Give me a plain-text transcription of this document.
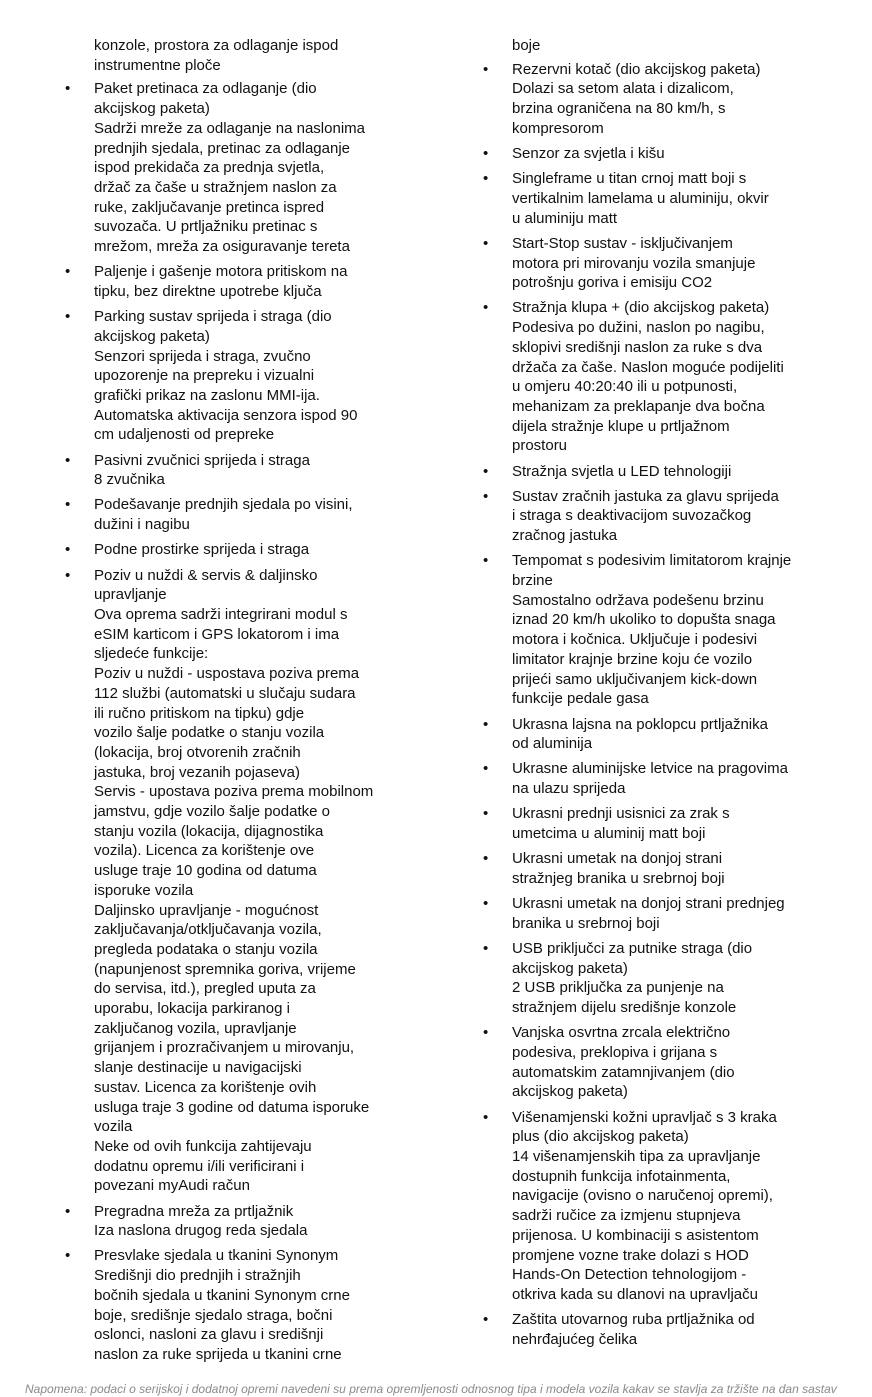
konzole, prostora za odlaganje ispod
instrumentne ploče
• Paket pretinaca za odlaganje (dio
akcijskog paketa)
Sadrži mreže za odlaganje na naslonima
prednjih sjedala, pretinac za odlaganje
ispod prekidača za prednja svjetla,
držač za čaše u stražnjem naslon za
ruke, zaključavanje pretinca ispred
suvozača. U prtljažniku pretinac s
mrežom, mreža za osiguravanje tereta
• Paljenje i gašenje motora pritiskom na
tipku, bez direktne upotrebe ključa
• Parking sustav sprijeda i straga (dio
akcijskog paketa)
Senzori sprijeda i straga, zvučno
upozorenje na prepreku i vizualni
grafički prikaz na zaslonu MMI-ija.
Automatska aktivacija senzora ispod 90
cm udaljenosti od prepreke
• Pasivni zvučnici sprijeda i straga
8 zvučnika
• Podešavanje prednjih sjedala po visini,
dužini i nagibu
• Podne prostirke sprijeda i straga
• Poziv u nuždi & servis & daljinsko
upravljanje
Ova oprema sadrži integrirani modul s
eSIM karticom i GPS lokatorom i ima
sljedeće funkcije:
Poziv u nuždi - uspostava poziva prema
112 službi (automatski u slučaju sudara
ili ručno pritiskom na tipku) gdje
vozilo šalje podatke o stanju vozila
(lokacija, broj otvorenih zračnih
jastuka, broj vezanih pojaseva)
Servis - upostava poziva prema mobilnom
jamstvu, gdje vozilo šalje podatke o
stanju vozila (lokacija, dijagnostika
vozila). Licenca za korištenje ove
usluge traje 10 godina od datuma
isporuke vozila
Daljinsko upravljanje - mogućnost
zaključavanja/otključavanja vozila,
pregleda podataka o stanju vozila
(napunjenost spremnika goriva, vrijeme
do servisa, itd.), pregled uputa za
uporabu, lokacija parkiranog i
zaključanog vozila, upravljanje
grijanjem i prozračivanjem u mirovanju,
slanje destinacije u navigacijski
sustav. Licenca za korištenje ovih
usluga traje 3 godine od datuma isporuke
vozila
Neke od ovih funkcija zahtijevaju
dodatnu opremu i/ili verificirani i
povezani myAudi račun
• Pregradna mreža za prtljažnik
Iza naslona drugog reda sjedala
• Presvlake sjedala u tkanini Synonym
Središnji dio prednjih i stražnjih
bočnih sjedala u tkanini Synonym crne
boje, središnje sjedalo straga, bočni
oslonci, nasloni za glavu i središnji
naslon za ruke sprijeda u tkanini crne
boje
• Rezervni kotač (dio akcijskog paketa)
Dolazi sa setom alata i dizalicom,
brzina ograničena na 80 km/h, s
kompresorom
• Senzor za svjetla i kišu
• Singleframe u titan crnoj matt boji s
vertikalnim lamelama u aluminiju, okvir
u aluminiju matt
• Start-Stop sustav - isključivanjem
motora pri mirovanju vozila smanjuje
potrošnju goriva i emisiju CO2
• Stražnja klupa + (dio akcijskog paketa)
Podesiva po dužini, naslon po nagibu,
sklopivi središnji naslon za ruke s dva
držača za čaše. Naslon moguće podijeliti
u omjeru 40:20:40 ili u potpunosti,
mehanizam za preklapanje dva bočna
dijela stražnje klupe u prtljažnom
prostoru
• Stražnja svjetla u LED tehnologiji
• Sustav zračnih jastuka za glavu sprijeda
i straga s deaktivacijom suvozačkog
zračnog jastuka
• Tempomat s podesivim limitatorom krajnje
brzine
Samostalno održava podešenu brzinu
iznad 20 km/h ukoliko to dopušta snaga
motora i kočnica. Uključuje i podesivi
limitator krajnje brzine koju će vozilo
prijeći samo uključivanjem kick-down
funkcije pedale gasa
• Ukrasna lajsna na poklopcu prtljažnika
od aluminija
• Ukrasne aluminijske letvice na pragovima
na ulazu sprijeda
• Ukrasni prednji usisnici za zrak s
umetcima u aluminij matt boji
• Ukrasni umetak na donjoj strani
stražnjeg branika u srebrnoj boji
• Ukrasni umetak na donjoj strani prednjeg
branika u srebrnoj boji
• USB priključci za putnike straga (dio
akcijskog paketa)
2 USB priključka za punjenje na
stražnjem dijelu središnje konzole
• Vanjska osvrtna zrcala električno
podesiva, preklopiva i grijana s
automatskim zatamnjivanjem (dio
akcijskog paketa)
• Višenamjenski kožni upravljač s 3 kraka
plus (dio akcijskog paketa)
14 višenamjenskih tipa za upravljanje
dostupnih funkcija infotainmenta,
navigacije (ovisno o naručenoj opremi),
sadrži ručice za izmjenu stupnjeva
prijenosa. U kombinaciji s asistentom
promjene vozne trake dolazi s HOD
Hands-On Detection tehnologijom -
otkriva kada su dlanovi na upravljaču
• Zaštita utovarnog ruba prtljažnika od
nehrđajućeg čelika
Napomena: podaci o serijskoj i dodatnoj opremi navedeni su prema opremljenosti odnosnog tipa i modela vozila kakav se stavlja za tržište na dan sastav
